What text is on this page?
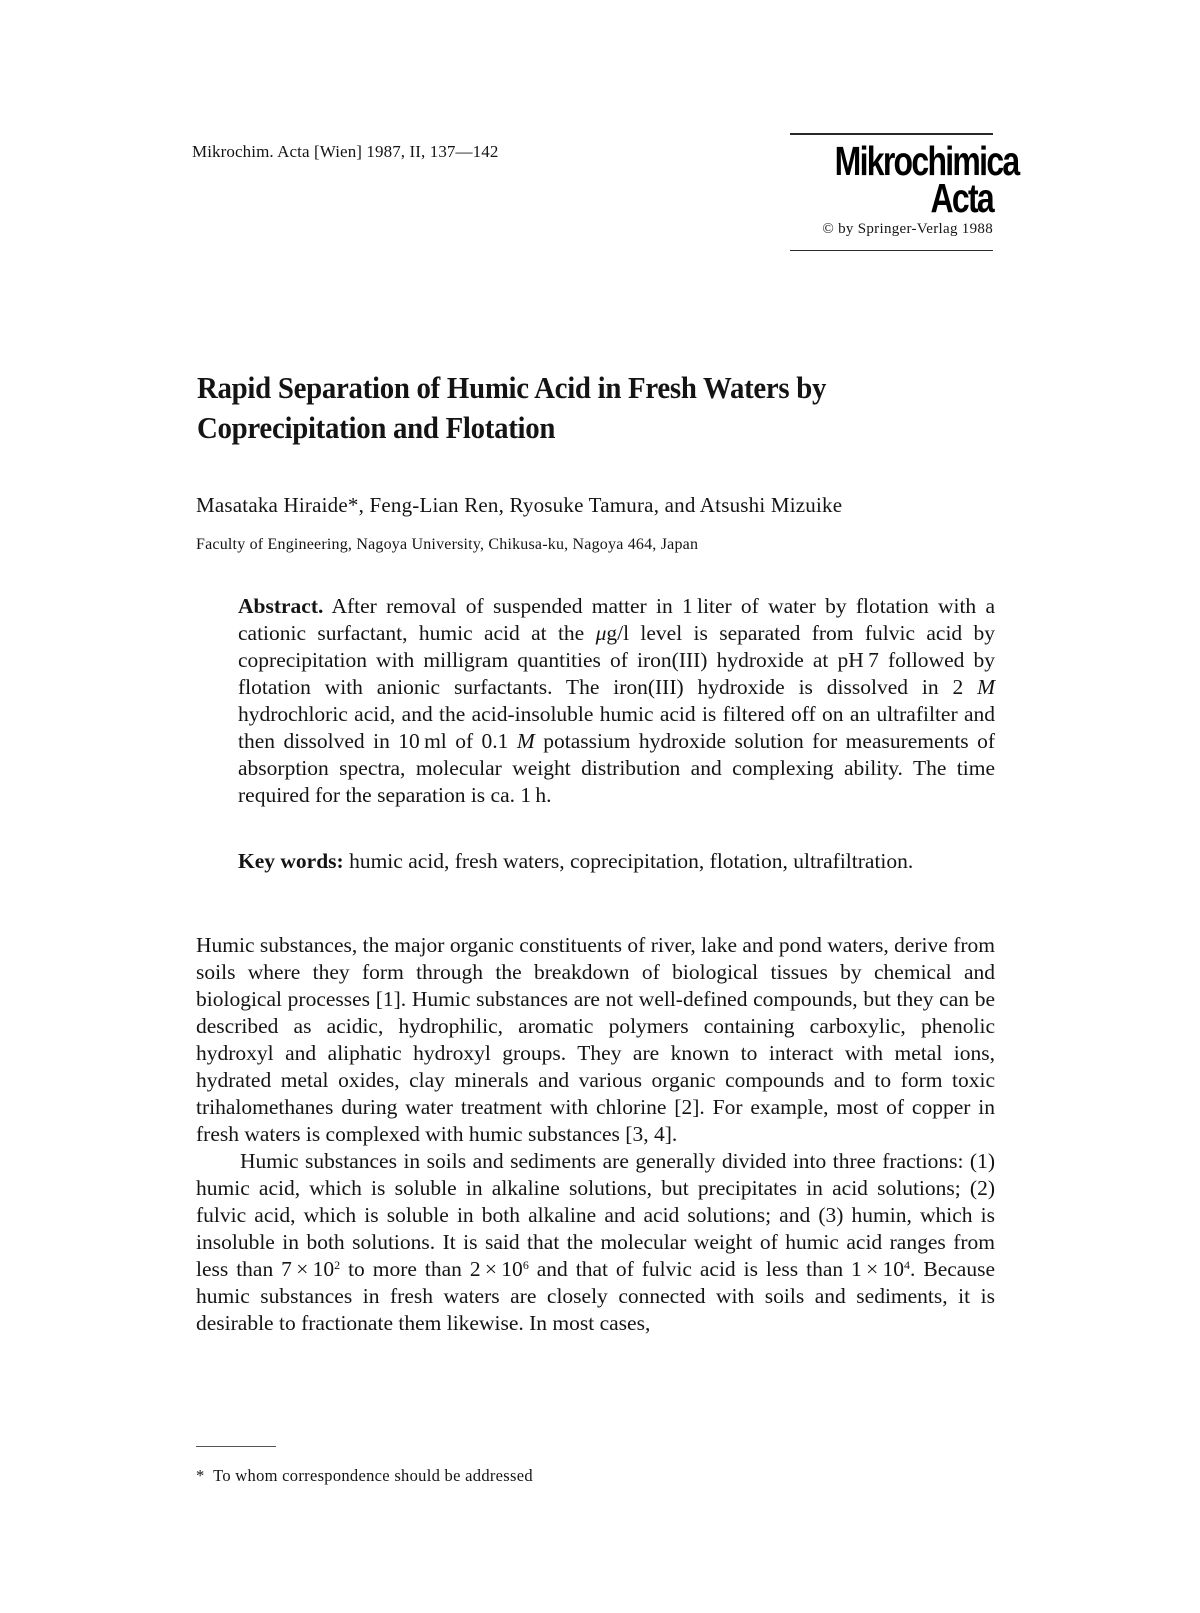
Mikrochim. Acta [Wien] 1987, II, 137—142	Mikrochimica
Acta
© by Springer-Verlag 1988
Rapid Separation of Humic Acid in Fresh Waters by Coprecipitation and Flotation
Masataka Hiraide*, Feng-Lian Ren, Ryosuke Tamura, and Atsushi Mizuike
Faculty of Engineering, Nagoya University, Chikusa-ku, Nagoya 464, Japan
Abstract. After removal of suspended matter in 1 liter of water by flotation with a cationic surfactant, humic acid at the μg/l level is separated from fulvic acid by coprecipitation with milligram quantities of iron(III) hydroxide at pH 7 followed by flotation with anionic surfactants. The iron(III) hydroxide is dissolved in 2 M hydrochloric acid, and the acid-insoluble humic acid is filtered off on an ultrafilter and then dissolved in 10 ml of 0.1 M potassium hydroxide solution for measurements of absorption spectra, molecular weight distribution and complexing ability. The time required for the separation is ca. 1 h.
Key words: humic acid, fresh waters, coprecipitation, flotation, ultrafiltration.

Humic substances, the major organic constituents of river, lake and pond waters, derive from soils where they form through the breakdown of biological tissues by chemical and biological processes [1]. Humic substances are not well-defined compounds, but they can be described as acidic, hydrophilic, aromatic polymers containing carboxylic, phenolic hydroxyl and aliphatic hydroxyl groups. They are known to interact with metal ions, hydrated metal oxides, clay minerals and various organic compounds and to form toxic trihalomethanes during water treatment with chlorine [2]. For example, most of copper in fresh waters is complexed with humic substances [3, 4].

Humic substances in soils and sediments are generally divided into three fractions: (1) humic acid, which is soluble in alkaline solutions, but precipitates in acid solutions; (2) fulvic acid, which is soluble in both alkaline and acid solutions; and (3) humin, which is insoluble in both solutions. It is said that the molecular weight of humic acid ranges from less than $7 \times 10^2$ to more than $2 \times 10^6$ and that of fulvic acid is less than $1 \times 10^4$. Because humic substances in fresh waters are closely connected with soils and sediments, it is desirable to fractionate them likewise. In most cases,

* To whom correspondence should be addressed
